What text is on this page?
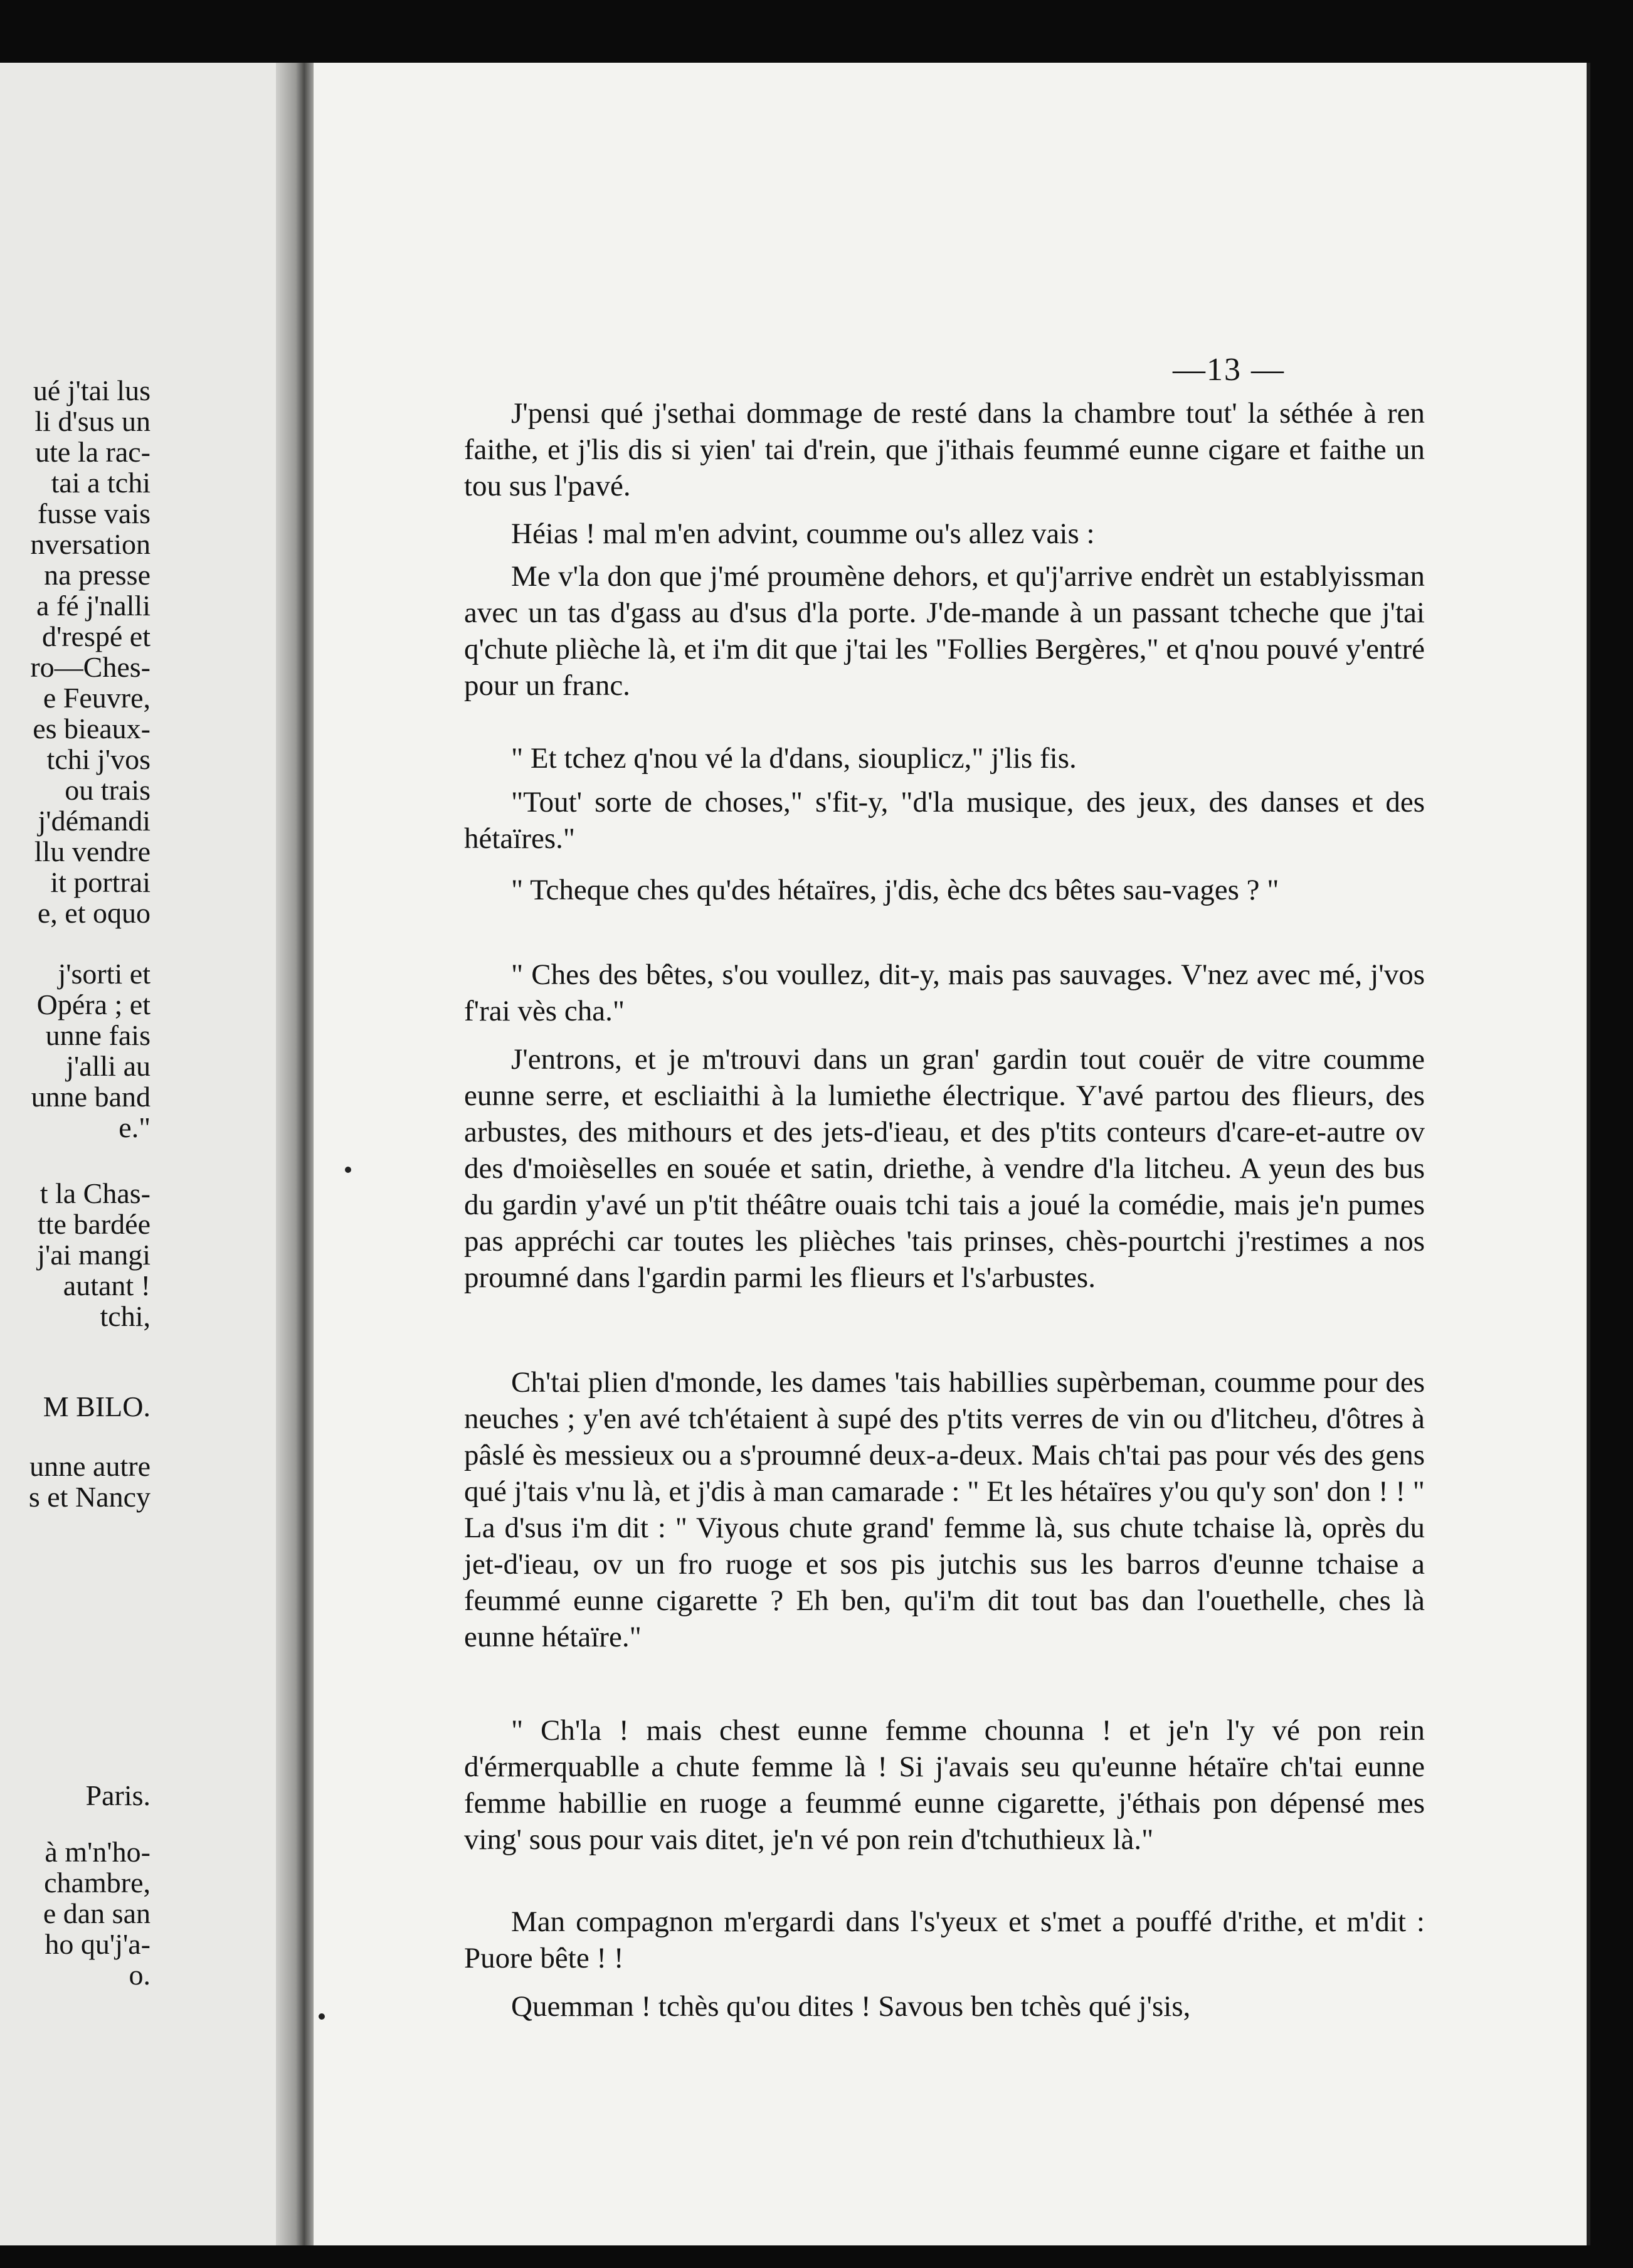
ué j'tai lus
li d'sus un
ute la rac-
tai a tchi
fusse vais
nversation
na presse
a fé j'nalli
d'respé et
ro—Ches-
e Feuvre,
es bieaux-
tchi j'vos
ou trais
j'démandi
llu vendre
it portrai
e, et oquo
j'sorti et
Opéra ; et
unne fais
j'alli au
unne band
e."
t la Chas-
tte bardée
j'ai mangi
autant !
tchi,
M BILO.
unne autre
s et Nancy
Paris.
à m'n'ho-
chambre,
e dan san
ho qu'j'a-
o.
—13 —

J'pensi qué j'sethai dommage de resté dans la chambre tout' la séthée à ren faithe, et j'lis dis si yien' tai d'rein, que j'ithais feummé eunne cigare et faithe un tou sus l'pavé.

Héias ! mal m'en advint, coumme ou's allez vais :

Me v'la don que j'mé proumène dehors, et qu'j'arrive endrèt un establyissman avec un tas d'gass au d'sus d'la porte. J'de-mande à un passant tcheche que j'tai q'chute plièche là, et i'm dit que j'tai les "Follies Bergères," et q'nou pouvé y'entré pour un franc.

" Et tchez q'nou vé la d'dans, siouplicz," j'lis fis.

"Tout' sorte de choses," s'fit-y, "d'la musique, des jeux, des danses et des hétaïres."

" Tcheque ches qu'des hétaïres, j'dis, èche dcs bêtes sau-vages ? "

" Ches des bêtes, s'ou voullez, dit-y, mais pas sauvages. V'nez avec mé, j'vos f'rai vès cha."

J'entrons, et je m'trouvi dans un gran' gardin tout couër de vitre coumme eunne serre, et escliaithi à la lumiethe électrique. Y'avé partou des flieurs, des arbustes, des mithours et des jets-d'ieau, et des p'tits conteurs d'care-et-autre ov des d'moièselles en souée et satin, driethe, à vendre d'la litcheu. A yeun des bus du gardin y'avé un p'tit théâtre ouais tchi tais a joué la comédie, mais je'n pumes pas appréchi car toutes les plièches 'tais prinses, chès-pourtchi j'restimes a nos proumné dans l'gardin parmi les flieurs et l's'arbustes.

Ch'tai plien d'monde, les dames 'tais habillies supèrbeman, coumme pour des neuches ; y'en avé tch'étaient à supé des p'tits verres de vin ou d'litcheu, d'ôtres à pâslé ès messieux ou a s'proumné deux-a-deux. Mais ch'tai pas pour vés des gens qué j'tais v'nu là, et j'dis à man camarade : " Et les hétaïres y'ou qu'y son' don ! ! " La d'sus i'm dit : " Viyous chute grand' femme là, sus chute tchaise là, oprès du jet-d'ieau, ov un fro ruoge et sos pis jutchis sus les barros d'eunne tchaise a feummé eunne cigarette ? Eh ben, qu'i'm dit tout bas dan l'ouethelle, ches là eunne hétaïre."

" Ch'la ! mais chest eunne femme chounna ! et je'n l'y vé pon rein d'érmerquablle a chute femme là ! Si j'avais seu qu'eunne hétaïre ch'tai eunne femme habillie en ruoge a feummé eunne cigarette, j'éthais pon dépensé mes ving' sous pour vais ditet, je'n vé pon rein d'tchuthieux là."

Man compagnon m'ergardi dans l's'yeux et s'met a pouffé d'rithe, et m'dit : Puore bête ! !

Quemman ! tchès qu'ou dites ! Savous ben tchès qué j'sis,
